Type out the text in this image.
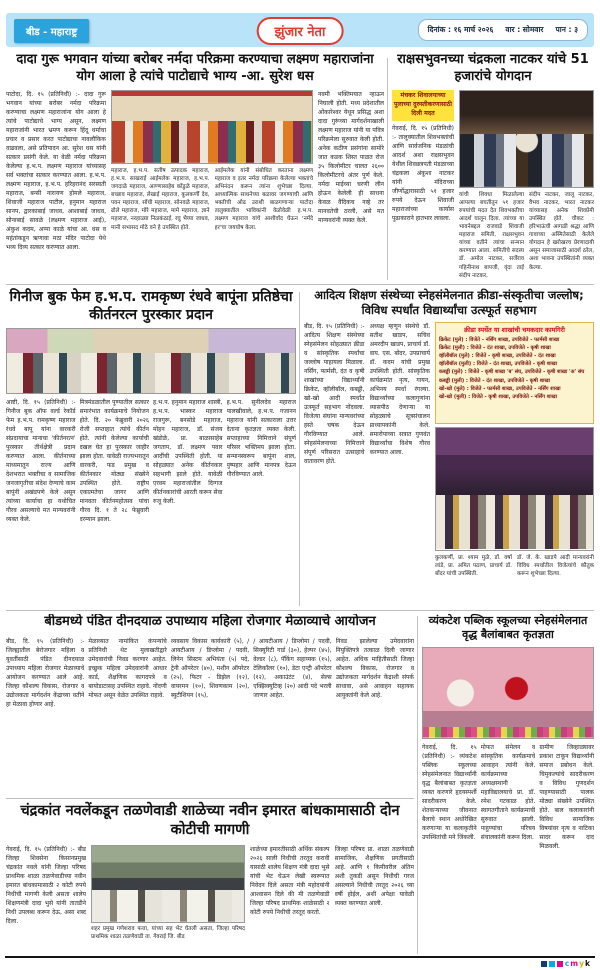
बीड - महाराष्ट्र	झुंजार नेता	दिनांक : १६ मार्च २०२६ वार : सोमवार पान : ३
दादा गुरू भगवान यांच्या बरोबर नर्मदा परिक्रमा करण्याचा लक्ष्मण महाराजांना योग आला हे त्यांचे पाटोद्याचे भाग्य -आ. सुरेश धस
पाटोदा, दि. १५ (प्रतिनिधी) :- दादा गुरू भगवान यांच्या बरोबर नर्मदा परिक्रमा करण्याचा लक्ष्मण महाराजांना योग आला हे त्यांचे पाटोद्याचे भाग्य असून, लक्ष्मण महाराजांनी भारत भ्रमण करून हिंदू धर्माचा प्रचार व प्रसार करत पाटोद्याचा नावलौकिक वाढवला, असे प्रतिपादन आ. सुरेश धस यांनी सत्कार प्रसंगी केले. या वेळी नर्मदा परिक्रमा केलेल्या ह.भ.प. लक्ष्मण महाराज यांच्यासह सर्व भक्तांचा सत्कार करण्यात आला. ह.भ.प. लक्ष्मण महाराज, ह.भ.प. हरिहरानंद सरस्वती महाराज, बन्सी नारायण होमले महाराज, शिवाजी महाराज पाटील, हनुमान महाराज सानप, द्वारकाबाई जाधव, आशाबाई जाधव, सोनाबाई सावळे (लक्ष्मण महाराज आई), अंकुश कदम, अप्पा काळे यांचा आ. धस व महंतांकडून ऋणावा मठा मंदिर पाटोदा येथे भव्य दिव्य सत्कार करण्यात आला.
महाराज, ह.भ.प. सतीष उत्पादक महाराज, ह.भ.प. साखराई आईमलेक महाराज, ह.भ.प. जगदाळे महाराज, आण्णासाहेब कोंडुळे महाराज, बच्छाव महाराज, लेखाई महाराज, कुलकर्णी देव, पवन महाराज, सोंधी महाराज, सोनवळे महाराज, ढोले महाराज, मोरे महाराज, मामे महाराज, ज्ञाने महाराज, नरहाळ्या निळकंठाई, रघु भैय्या जाधव, मानी सभासद मोठे वने हे उपस्थित होते.
आईमलेक यांनी संबोधित करताना लक्ष्मण महाराज व इतर नर्मदा परिक्रमा केलेल्या भक्तांचे अभिनंदन करून त्यांना शुभेच्छा दिल्या. आध्यात्मिक साधनेच्या बळावर जगण्याची आणि भक्तीची ओढ उराशी बाळगणाऱ्या पाटोदा तालुक्यातील भाविकांनी वेळोवेळी ह.भ.प. लक्ष्मण महाराज यांचे आशीर्वाद घेऊन 'नर्मदे हर'चा जयघोष केला.
नवमी भक्तिमयात न्हाऊन निघाली होती. मध्य प्रदेशातील ओंकारेश्वर येथून प्रसिद्ध अशा दादा गुरूंच्या मार्गदर्शनाखाली लक्ष्मण महाराज यांनी या पवित्र परिक्रमेला सुरुवात केली होती. अनेक कठीण प्रसंगांना सामोरे जात कडक शिस्त पाळत रोज ३५ किलोमीटर चालत २६०० किलोमीटरचे अंतर पूर्ण केले. नर्मदा माईच्या चरणी लीन होऊन केलेली ही साधना केवळ वैदिकच नव्हे तर मानवतेची ठरली, असे मत मान्यवरांनी व्यक्त केले.
राक्षसभुवनच्या चंद्रकला नाटकर यांचे 51 हजारांचे योगदान
मंचकर शिवालयाच्या पुलाच्या दुरुस्तीकरणासाठी दिली मदत
गेवराई, दि. १५ (प्रतिनिधी) :- तालुक्यातील शिवभक्तांची आणि सार्वजनिक मंडळांची आदर्श अशा राक्षसभुवन येथील शिवछत्रपती मंडळाच्या चंद्रकला अंकुशा नाटकर यांनी मंदिराच्या जीर्णोद्धारासाठी ५१ हजार रुपये देऊन शिवाजी महाराजांच्या कार्यास पुढाकाराने हातभार लावला.
यांची शिवधा मिळालेल्या आपल्या बचतीतून ५१ हजार रुपयांची मदत देत शिवभक्तीचा आदर्श घालून दिला. त्यांच्या या भावनेबद्दल राजवाडे शिवाजी महाराज समिती, राक्षसभुवन यांच्या वतीने त्यांचा सन्मान करण्यात आला. समितीचे सदस्य डॉ. अमोल नाटकर, सर्जेराव गहिनीनाथ बापजी, वृंदा ताई संदीप नाटकर,
संदीप नाटकर, जालू नाटकर, वैभव नाटकर, भारत नाटकर यांच्यासह अनेक शिवप्रेमी उपस्थित होते. चौकट : हरिभाऊंची आगळी श्रद्धा आणि गावाच्या अस्मितेसाठी केलेले योगदान हे खरोखरच प्रेरणादायी असून समाजासाठी आदर्श ठरेल, अशा भावना उपस्थितांनी व्यक्त केल्या.
गिनीज बुक फेम ह.भ.प. रामकृष्ण रंधवे बापूंना प्रतिष्ठेचा कीर्तनरत्न पुरस्कार प्रदान
आष्टी, दि. १५ (प्रतिनिधी) :- गिनीज बुक ऑफ वर्ल्ड रेकॉर्ड फेम ह.भ.प. रामकृष्ण महाराज रंधवे बापू यांना वारकरी संप्रदायाचा मानाचा 'कीर्तनरत्न' पुरस्कार तीर्थक्षेत्री प्रदान करण्यात आला. कीर्तनाच्या माध्यमातून राज्य आणि देशभरात भक्तीचा व सामाजिक जनजागृतीचा संदेश देण्याचे काम बापूंनी अखंडपणे केले असून त्यांच्या कार्याचा हा यथोचित गौरव असल्याचे मत मान्यवरांनी व्यक्त केले.
मित्रमंडळातील पुण्यातील सत्कार समारंभात कार्यक्रमाचे नियोजन होते. दि. २० फेब्रुवारी २०२६ रोजी सप्ताहात त्यांचे कीर्तन होते. त्यांनी केलेल्या कार्याची दखल घेत हा पुरस्कार जाहीर झाला होता. यावेळी राज्यभरातून वारकरी, फड प्रमुख व कीर्तनकार मोठ्या संख्येने उपस्थित होते. राष्ट्रीय एकात्मतेचा जागर आणि मानवता कीर्तनमहोत्सव यांचा गौरव दि. १ ते २८ फेब्रुवारी दरम्यान झाला.
ह.भ.प. हनुमान महाराज शास्त्री, ह.भ.प. भास्कर महाराज राजगुरू, बनसोडे महाराज, मोहन महाराज, डॉ. संजय खंडोळे, प्रा. बाळासाहेब जगताप, डॉ. लक्ष्मण पवार आदींची उपस्थिती होती. या सोहळ्यात अनेक कीर्तनकार सहभागी झाले होते. यावेळी एरवम महाराजांतील दिग्गज कीर्तनकारांची आरती करून सेवा रुजू केली.
ह.भ.प. सुनीलदेव महाराज पालखीवाले, ह.भ.प. गजानन महाराज यांनी सत्काराला उत्तर देताना कृतज्ञता व्यक्त केली. सप्ताहाच्या निमित्ताने संपूर्ण परिसर भक्तिमय झाला होता. सन्मानस्वरूप बापूंना शाल, पुष्पहार आणि मानपत्र देऊन गौरविण्यात आले.
आदित्य शिक्षण संस्थेच्या स्नेहसंमेलनात क्रीडा-संस्कृतीचा जल्लोष; विविध स्पर्धांत विद्यार्थ्यांचा उत्स्फूर्त सहभाग
बीड, दि. १५ (प्रतिनिधी) :- आदित्य शिक्षण संस्थेच्या स्नेहसंमेलन सोहळ्यात क्रीडा व सांस्कृतिक स्पर्धांचा जल्लोष पाहायला मिळाला. नर्सिंग, फार्मसी, दंत व कृषी शाखांच्या विद्यार्थ्यांनी क्रिकेट, व्हॉलीबॉल, कबड्डी, खो-खो आदी स्पर्धांत उत्स्फूर्त सहभाग नोंदवला. विजेत्या संघांना मान्यवरांच्या हस्ते चषक देऊन गौरविण्यात आले. स्नेहसंमेलनाच्या निमित्ताने संपूर्ण परिसरात उत्साहाचे वातावरण होते.
अध्यक्ष म्हणून संस्थेचे डॉ. सतीश खाडप, सचिव अमरदीप खाडप, प्राचार्य डॉ. वाय. एस. बोंदर, उपप्राचार्य डॉ. कदम यांची प्रमुख उपस्थिती होती. सांस्कृतिक कार्यक्रमांत नृत्य, गायन, अभिनय स्पर्धा रंगल्या. विद्यार्थ्यांच्या कलागुणांना व्यासपीठ देणाऱ्या या सोहळ्याचे सूत्रसंचालन प्राध्यापकांनी केले. समारोपाच्या सत्रात गुणवंत विद्यार्थ्यांचा विशेष गौरव करण्यात आला.
क्रीडा स्पर्धेत या शाखांची चमकदार कामगिरी
क्रिकेट (मुले) : विजेते - नर्सिंग शाखा, उपविजेते - फार्मसी शाखा
क्रिकेट (मुली) : विजेते - दंत शाखा, उपविजेते - कृषी शाखा
व्हॉलीबॉल (मुले) : विजेते - कृषी शाखा, उपविजेते - दंत शाखा
व्हॉलीबॉल (मुली) : विजेते - दंत शाखा, उपविजेते - कृषी शाखा
कबड्डी (मुले) : विजेते - कृषी शाखा 'ब' संघ, उपविजेते - कृषी शाखा 'अ' संघ
कबड्डी (मुली) : विजेते - दंत शाखा, उपविजेते - कृषी शाखा
खो-खो (मुले) : विजेते - फार्मसी शाखा, उपविजेते - नर्सिंग शाखा
खो-खो (मुली) : विजेते - कृषी शाखा, उपविजेते - नर्सिंग शाखा
कुलकर्णी, प्रा. श्याम मुळे, डॉ. वर्षा लांडे, प्रा. अमित पठाण, प्राचार्य डॉ. बोंदर यांची उपस्थिती.
डॉ. जे. के. खाडपे आदी मान्यवरांनी विविध स्पर्धांतील विजेत्यांचे कौतुक करून शुभेच्छा दिल्या.
बीडमध्ये पंडित दीनदयाळ उपाध्याय महिला रोजगार मेळाव्याचे आयोजन
बीड, दि. १५ (प्रतिनिधी) :- जिल्ह्यातील बेरोजगार महिला व युवतींसाठी पंडित दीनदयाळ उपाध्याय महिला रोजगार मेळाव्याचे आयोजन करण्यात आले आहे. जिल्हा कौशल्य विकास, रोजगार व उद्योजकता मार्गदर्शन केंद्राच्या वतीने हा मेळावा होणार आहे.
मेळाव्यात नामांकित कंपन्यांचे प्रतिनिधी थेट मुलाखतीद्वारे उमेदवारांची निवड करणार आहेत. इच्छुक महिला उमेदवारांनी आधार कार्ड, शैक्षणिक कागदपत्रे व बायोडाटासह उपस्थित राहावे. नोंदणी मोफत असून वेळेत उपस्थित राहावे.
व्यवसाय विकास कार्यकारी (५), / आयटीआय / डिप्लोमा / पदवी, लिनेन सिस्टम अभियंता (५) पदे, ट्रेनी ऑपरेटर (४०), मशीन ऑपरेटर (२५), फिटर - डिझेल (१२), वायरमन (१०), शिवणकाम (२०), ब्युटीशियन (१५),
/ आयटीआय / डिप्लोमा / पदवी, सिक्युरिटी गार्ड (३०), हेल्पर (४५), वेल्डर (८), पॅकिंग सहाय्यक (१५), टेलिकॉलर (१०), डेटा एन्ट्री ऑपरेटर (१२), अकाउंटंट (४), सेल्स एक्झिक्युटिव्ह (२०) आदी पदे भरली जाणार आहेत.
निवड झालेल्या उमेदवारांना नियुक्तिपत्रे तत्काळ दिली जाणार आहेत. अधिक माहितीसाठी जिल्हा कौशल्य विकास, रोजगार व उद्योजकता मार्गदर्शन केंद्राशी संपर्क साधावा, असे आवाहन सहायक आयुक्तांनी केले आहे.
व्यंकटेश पब्लिक स्कूलच्या स्नेहसंमेलनात वृद्ध बैलांबाबत कृतज्ञता
गेवराई, दि. १५ (प्रतिनिधी) :- व्यंकटेश पब्लिक स्कूलच्या स्नेहसंमेलनात विद्यार्थ्यांनी वृद्ध बैलांबाबत कृतज्ञता व्यक्त करणारे हृदयस्पर्शी सादरीकरण केले. शेतकऱ्याच्या जीवनात बैलाचे स्थान अधोरेखित करणाऱ्या या कलाकृतीने उपस्थितांची मने जिंकली.
मोफत संमेलन व सांस्कृतिक कार्यक्रमाचे आवाहन त्यांनी केले. कार्यक्रमाच्या अध्यक्षस्थानी महाविद्यालयाचे प्रा. डॉ. रमेश गटकाळ होते. स्वागतगीताने कार्यक्रमाची सुरुवात झाली. पाहुण्यांचा परिचय संचालकांनी करून दिला.
ग्रामीण जिव्हाळ्यावर प्रकाश टाकून विद्यार्थ्यांनी समाज प्रबोधन केले. चिमुकल्यांचे सादरीकरण व विविध गुणदर्शन पाहण्यासाठी पालक मोठ्या संख्येने उपस्थित होते. बाल कलाकारांनी विविध सामाजिक विषयांवर नृत्य व नाटिका सादर करून दाद मिळवली.
चंद्रकांत नवलेंकडून तळणेवाडी शाळेच्या नवीन इमारत बांधकामासाठी दोन कोटीची मागणी
गेवराई, दि. १५ (प्रतिनिधी) :- बीड जिल्हा शिवसेना किसानप्रमुख चंद्रकांत नवले यांनी जिल्हा परिषद प्राथमिक शाळा तळणेवाडीच्या नवीन इमारत बांधकामासाठी २ कोटी रुपये निधीची मागणी केली असता शालेय शिक्षणमंत्री दादा भुसे यांनी तातडीने निधी उपलब्ध करून देऊ, असा शब्द दिला.
शहर प्रमुख गणेशराव फत्ता, यांच्या सह भेट घेतली असता, जिल्हा परिषद प्राथमिक शाळा तळणेवाडी ता. गेवराई जि. बीड
शाळेच्या इमारतीसाठी अर्थिक संकल्प २०२६ साली निधीची तरतूद करावी यासाठी शालेय शिक्षण मंत्री दादा भुसे यांची भेट घेऊन लेखी स्वरूपात निवेदन दिले असता मंत्री महोदयांनी आश्वासन दिले की मी तळणेवाडी जिल्हा परिषद प्राथमिक शाळेसाठी २ कोटी रुपये निधीची तरतूद करतो.
जिल्हा परिषद प्रा. शाळा तळणेवाडी सामाजिक, शैक्षणिक प्रगतीसाठी आहे. आणि १ किमीवरील अंतिम अशी तुकडी असून निधीची गरज असल्याने निधीची तरतूद २०२६ च्या वर्षी होईल, अशी अपेक्षा यावेळी व्यक्त करण्यात आली.
c m y k
